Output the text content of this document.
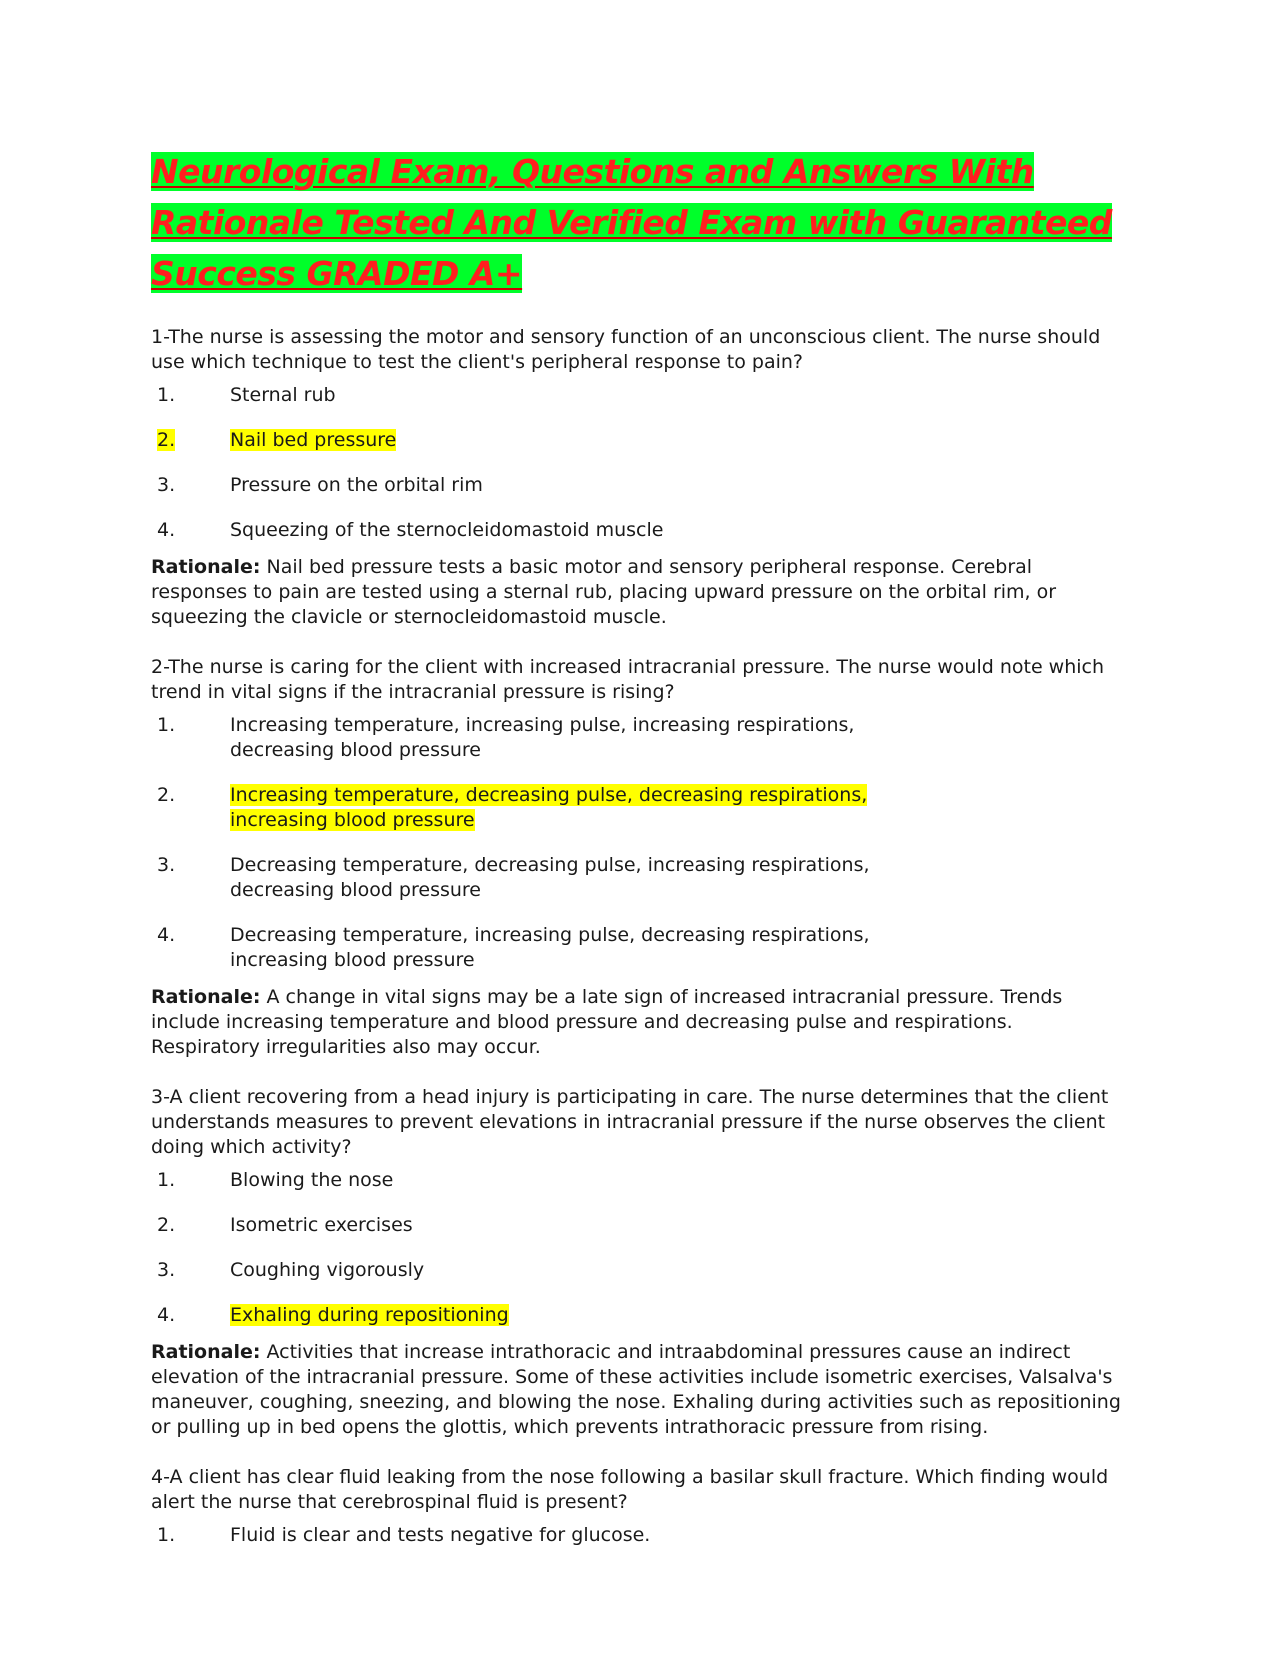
Neurological Exam, Questions and Answers With
Rationale Tested And Verified Exam with Guaranteed
Success GRADED A+

1-The nurse is assessing the motor and sensory function of an unconscious client. The nurse should use which technique to test the client's peripheral response to pain?

1.	Sternal rub
2.	Nail bed pressure
3.	Pressure on the orbital rim
4.	Squeezing of the sternocleidomastoid muscle

Rationale: Nail bed pressure tests a basic motor and sensory peripheral response. Cerebral responses to pain are tested using a sternal rub, placing upward pressure on the orbital rim, or squeezing the clavicle or sternocleidomastoid muscle.

2-The nurse is caring for the client with increased intracranial pressure. The nurse would note which trend in vital signs if the intracranial pressure is rising?

1.	Increasing temperature, increasing pulse, increasing respirations, decreasing blood pressure
2.	Increasing temperature, decreasing pulse, decreasing respirations, increasing blood pressure
3.	Decreasing temperature, decreasing pulse, increasing respirations, decreasing blood pressure
4.	Decreasing temperature, increasing pulse, decreasing respirations, increasing blood pressure

Rationale: A change in vital signs may be a late sign of increased intracranial pressure. Trends include increasing temperature and blood pressure and decreasing pulse and respirations. Respiratory irregularities also may occur.

3-A client recovering from a head injury is participating in care. The nurse determines that the client understands measures to prevent elevations in intracranial pressure if the nurse observes the client doing which activity?

1.	Blowing the nose
2.	Isometric exercises
3.	Coughing vigorously
4.	Exhaling during repositioning

Rationale: Activities that increase intrathoracic and intraabdominal pressures cause an indirect elevation of the intracranial pressure. Some of these activities include isometric exercises, Valsalva's maneuver, coughing, sneezing, and blowing the nose. Exhaling during activities such as repositioning or pulling up in bed opens the glottis, which prevents intrathoracic pressure from rising.

4-A client has clear fluid leaking from the nose following a basilar skull fracture. Which finding would alert the nurse that cerebrospinal fluid is present?

1.	Fluid is clear and tests negative for glucose.
